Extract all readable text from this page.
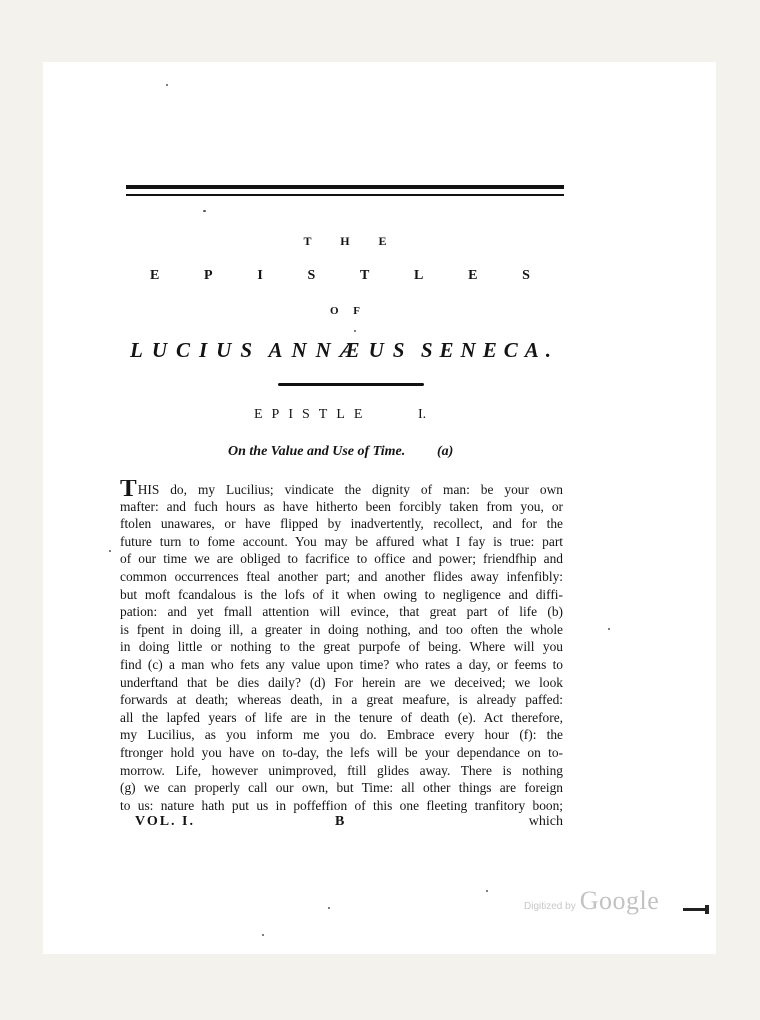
T H E
E	P	I	S	T	L	E	S
O F
LUCIUS ANNÆUS SENECA.
EPISTLE	I.
On the Value and Use of Time. (a)
THIS do, my Lucilius; vindicate the dignity of man: be your own
mafter: and fuch hours as have hitherto been forcibly taken from you, or
ftolen unawares, or have flipped by inadvertently, recollect, and for the
future turn to fome account. You may be affured what I fay is true: part
of our time we are obliged to facrifice to office and power; friendfhip and
common occurrences fteal another part; and another flides away infenfibly:
but moft fcandalous is the lofs of it when owing to negligence and diffi-
pation: and yet fmall attention will evince, that great part of life (b)
is fpent in doing ill, a greater in doing nothing, and too often the whole
in doing little or nothing to the great purpofe of being. Where will you
find (c) a man who fets any value upon time? who rates a day, or feems to
underftand that be dies daily? (d) For herein are we deceived; we look
forwards at death; whereas death, in a great meafure, is already paffed:
all the lapfed years of life are in the tenure of death (e). Act therefore,
my Lucilius, as you inform me you do. Embrace every hour (f): the
ftronger hold you have on to-day, the lefs will be your dependance on to-
morrow. Life, however unimproved, ftill glides away. There is nothing
(g) we can properly call our own, but Time: all other things are foreign
to us: nature hath put us in poffeffion of this one fleeting tranfitory boon;
VOL. I.	B	which
Digitized by Google
